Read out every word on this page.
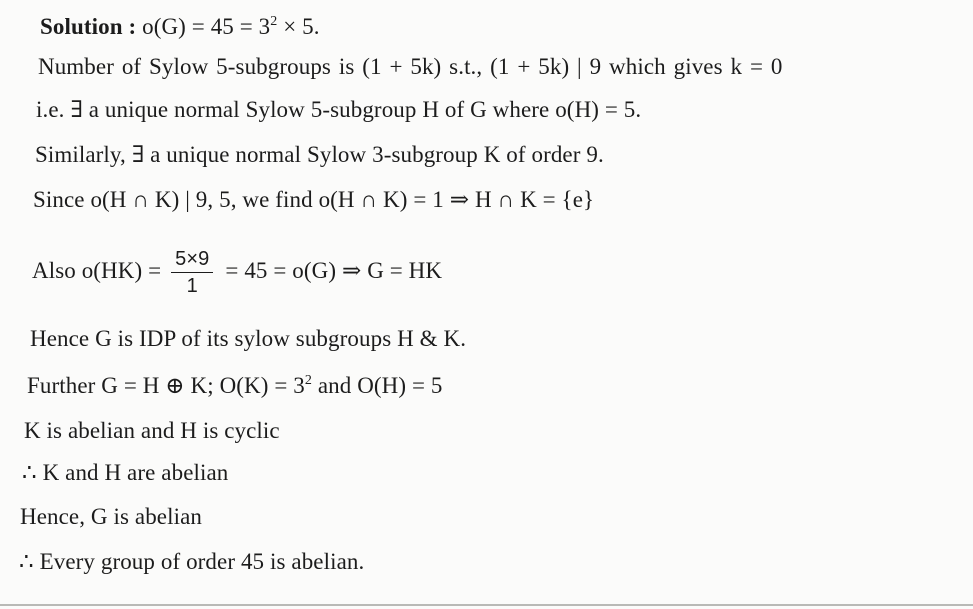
Solution : $o(G) = 45 = 3^2 \times 5$.
Number of Sylow 5-subgroups is (1 + 5k) s.t., (1 + 5k) | 9 which gives k = 0
i.e. ∃ a unique normal Sylow 5-subgroup H of G where o(H) = 5.
Similarly, ∃ a unique normal Sylow 3-subgroup K of order 9.
Since o(H ∩ K) | 9, 5, we find o(H ∩ K) = 1 ⇒ H ∩ K = {e}
Also $o(HK) = \frac{5\times 9}{1} = 45 = o(G)$ ⇒ G = HK
Hence G is IDP of its sylow subgroups H & K.
Further G = H ⊕ K; $O(K) = 3^2$ and O(H) = 5
K is abelian and H is cyclic
∴ K and H are abelian
Hence, G is abelian
∴ Every group of order 45 is abelian.
